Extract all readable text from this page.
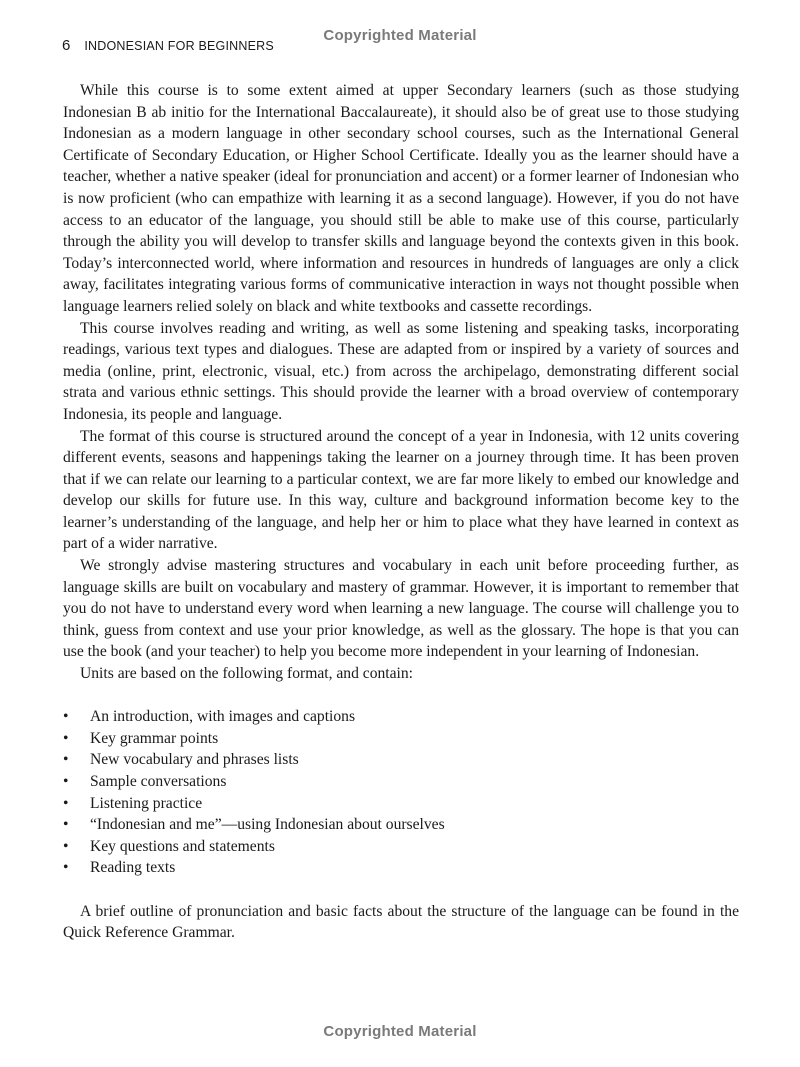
Copyrighted Material
6 INDONESIAN FOR BEGINNERS

While this course is to some extent aimed at upper Secondary learners (such as those studying Indonesian B ab initio for the International Baccalaureate), it should also be of great use to those studying Indonesian as a modern language in other secondary school courses, such as the International General Certificate of Secondary Education, or Higher School Certificate. Ideally you as the learner should have a teacher, whether a native speaker (ideal for pronunciation and accent) or a former learner of Indonesian who is now proficient (who can empathize with learning it as a second language). However, if you do not have access to an educator of the language, you should still be able to make use of this course, particularly through the ability you will develop to transfer skills and language beyond the contexts given in this book. Today’s interconnected world, where information and resources in hundreds of languages are only a click away, facilitates integrating various forms of communicative interaction in ways not thought possible when language learners relied solely on black and white textbooks and cassette recordings.

This course involves reading and writing, as well as some listening and speaking tasks, incorporating readings, various text types and dialogues. These are adapted from or inspired by a variety of sources and media (online, print, electronic, visual, etc.) from across the archipelago, demonstrating different social strata and various ethnic settings. This should provide the learner with a broad overview of contemporary Indonesia, its people and language.

The format of this course is structured around the concept of a year in Indonesia, with 12 units covering different events, seasons and happenings taking the learner on a journey through time. It has been proven that if we can relate our learning to a particular context, we are far more likely to embed our knowledge and develop our skills for future use. In this way, culture and background information become key to the learner’s understanding of the language, and help her or him to place what they have learned in context as part of a wider narrative.

We strongly advise mastering structures and vocabulary in each unit before proceeding further, as language skills are built on vocabulary and mastery of grammar. However, it is important to remember that you do not have to understand every word when learning a new language. The course will challenge you to think, guess from context and use your prior knowledge, as well as the glossary. The hope is that you can use the book (and your teacher) to help you become more independent in your learning of Indonesian.

Units are based on the following format, and contain:

• An introduction, with images and captions
• Key grammar points
• New vocabulary and phrases lists
• Sample conversations
• Listening practice
• “Indonesian and me”—using Indonesian about ourselves
• Key questions and statements
• Reading texts

A brief outline of pronunciation and basic facts about the structure of the language can be found in the Quick Reference Grammar.

Copyrighted Material
